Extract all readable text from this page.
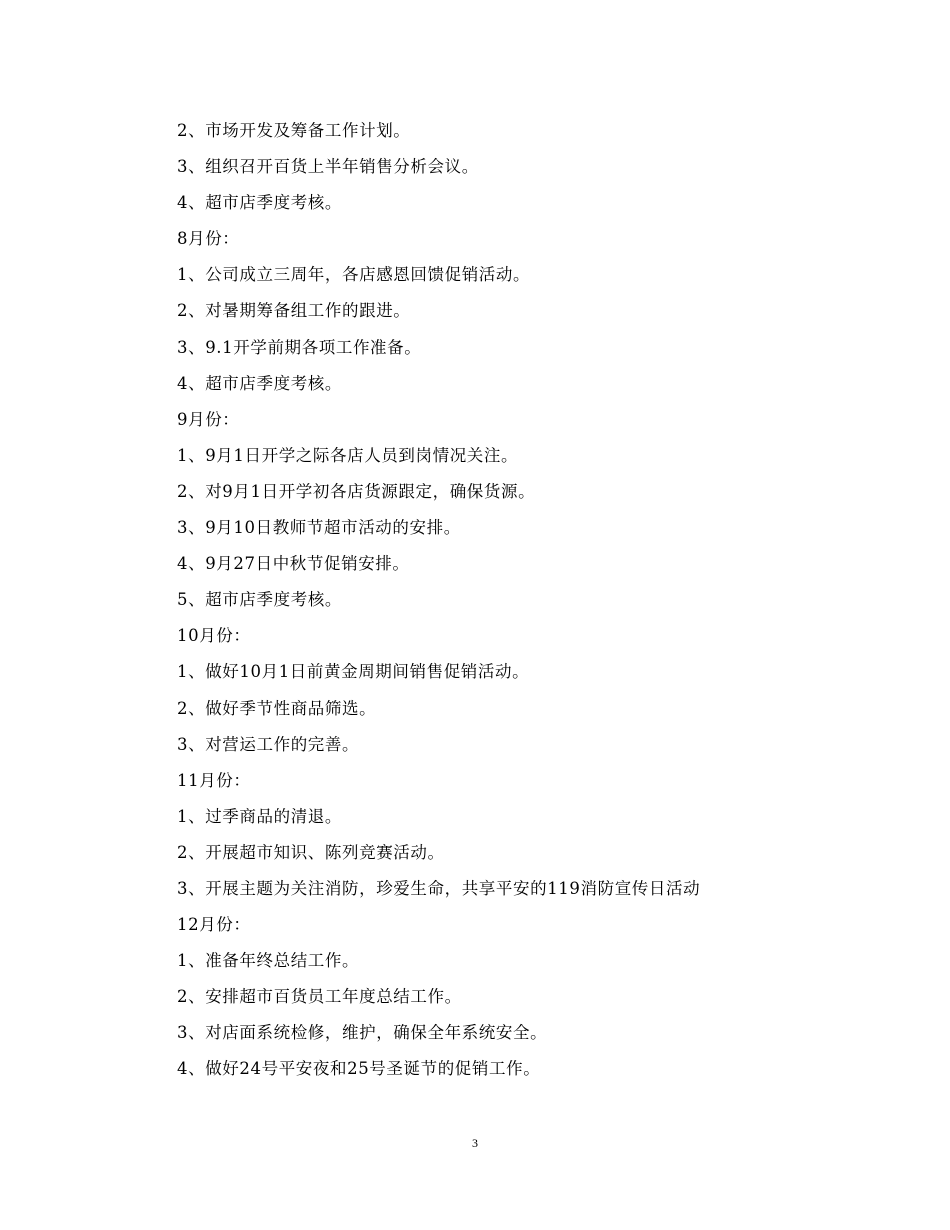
2、市场开发及筹备工作计划。
3、组织召开百货上半年销售分析会议。
4、超市店季度考核。
8月份：
1、公司成立三周年，各店感恩回馈促销活动。
2、对暑期筹备组工作的跟进。
3、9.1开学前期各项工作准备。
4、超市店季度考核。
9月份：
1、9月1日开学之际各店人员到岗情况关注。
2、对9月1日开学初各店货源跟定，确保货源。
3、9月10日教师节超市活动的安排。
4、9月27日中秋节促销安排。
5、超市店季度考核。
10月份：
1、做好10月1日前黄金周期间销售促销活动。
2、做好季节性商品筛选。
3、对营运工作的完善。
11月份：
1、过季商品的清退。
2、开展超市知识、陈列竞赛活动。
3、开展主题为关注消防，珍爱生命，共享平安的119消防宣传日活动
12月份：
1、准备年终总结工作。
2、安排超市百货员工年度总结工作。
3、对店面系统检修，维护，确保全年系统安全。
4、做好24号平安夜和25号圣诞节的促销工作。
3
